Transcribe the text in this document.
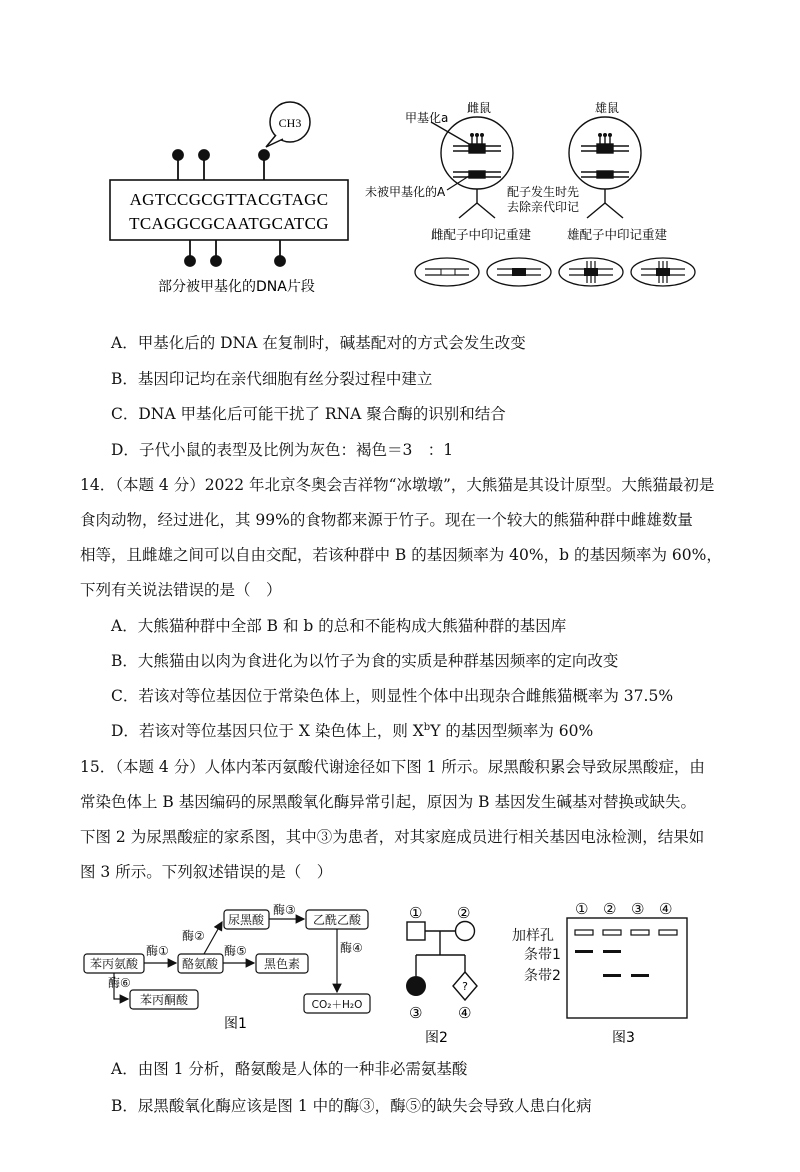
CH3
AGTCCGCGTTACGTAGC
TCAGGCGCAATGCATCG
部分被甲基化的DNA片段
甲基化a
雌鼠	雄鼠
未被甲基化的A	配子发生时先
去除亲代印记
雌配子中印记重建	雄配子中印记重建
A．甲基化后的 DNA 在复制时，碱基配对的方式会发生改变
B．基因印记均在亲代细胞有丝分裂过程中建立
C．DNA 甲基化后可能干扰了 RNA 聚合酶的识别和结合
D．子代小鼠的表型及比例为灰色：褐色＝3　：1
14．（本题 4 分）2022 年北京冬奥会吉祥物“冰墩墩”，大熊猫是其设计原型。大熊猫最初是
食肉动物，经过进化，其 99%的食物都来源于竹子。现在一个较大的熊猫种群中雌雄数量
相等，且雌雄之间可以自由交配，若该种群中 B 的基因频率为 40%，b 的基因频率为 60%，
下列有关说法错误的是（　）
A．大熊猫种群中全部 B 和 b 的总和不能构成大熊猫种群的基因库
B．大熊猫由以肉为食进化为以竹子为食的实质是种群基因频率的定向改变
C．若该对等位基因位于常染色体上，则显性个体中出现杂合雌熊猫概率为 37.5%
D．若该对等位基因只位于 X 染色体上，则 $X^bY$ 的基因型频率为 60%
15．（本题 4 分）人体内苯丙氨酸代谢途径如下图 1 所示。尿黑酸积累会导致尿黑酸症，由
常染色体上 B 基因编码的尿黑酸氧化酶异常引起，原因为 B 基因发生碱基对替换或缺失。
下图 2 为尿黑酸症的家系图，其中③为患者，对其家庭成员进行相关基因电泳检测，结果如
图 3 所示。下列叙述错误的是（　）
苯丙氨酸	酪氨酸
尿黑酸	乙酰乙酸
黑色素
CO₂＋H₂O
苯丙酮酸
酶①
酶②
酶③
酶⑤	酶④
酶⑥
图1
① ②
?
③ ④
图2
① ② ③ ④
加样孔
条带1
条带2
图3
A．由图 1 分析，酪氨酸是人体的一种非必需氨基酸
B．尿黑酸氧化酶应该是图 1 中的酶③，酶⑤的缺失会导致人患白化病
